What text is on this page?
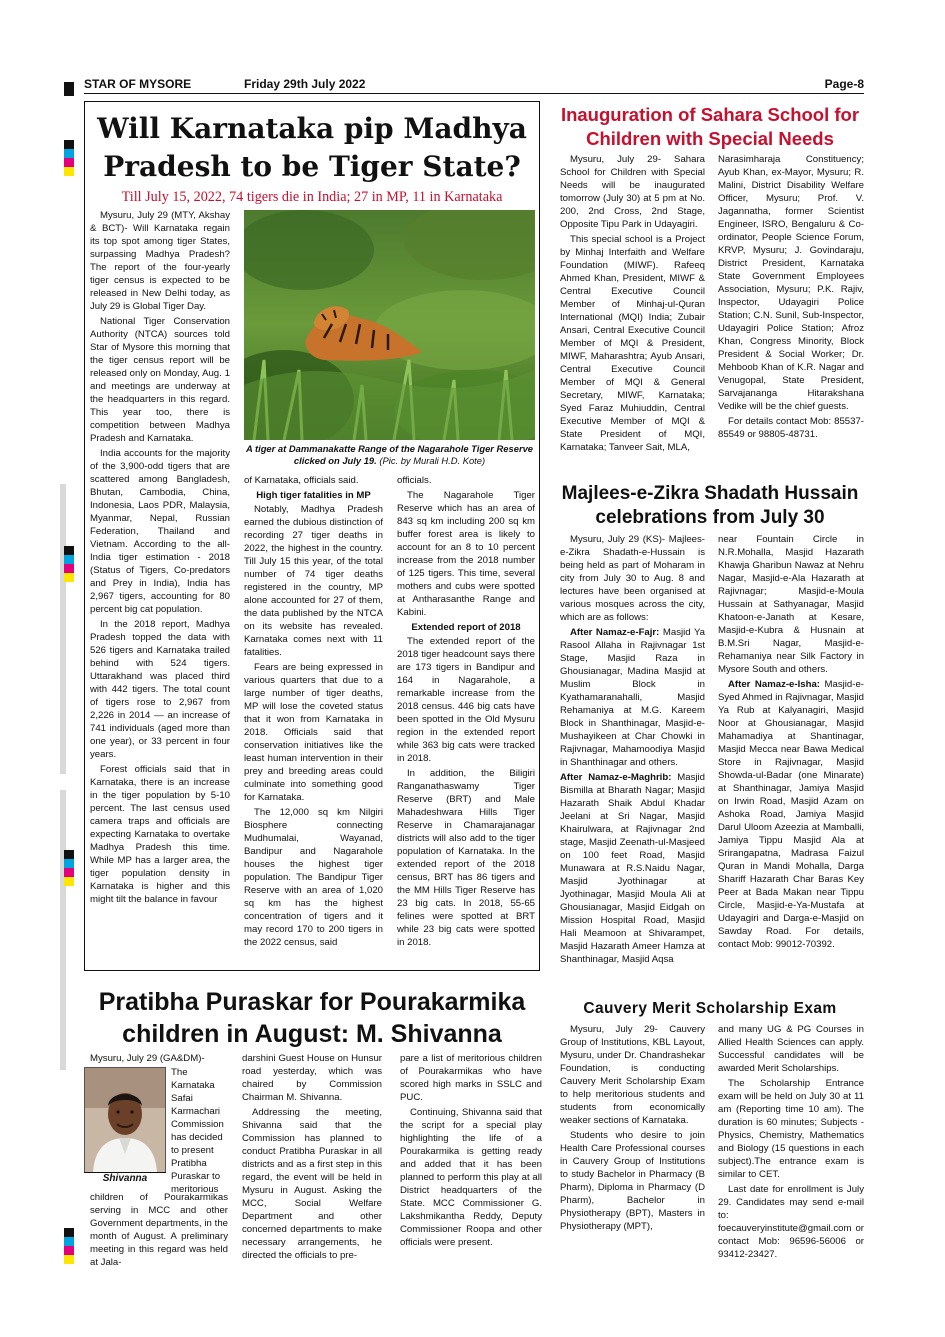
STAR OF MYSORE	Friday 29th July 2022	Page-8
Will Karnataka pip Madhya
Pradesh to be Tiger State?
Till July 15, 2022, 74 tigers die in India; 27 in MP, 11 in Karnataka

Mysuru, July 29 (MTY, Akshay & BCT)- Will Karnataka regain its top spot among tiger States, surpassing Madhya Pradesh? The report of the four-yearly tiger census is expected to be released in New Delhi today, as July 29 is Global Tiger Day.

National Tiger Conservation Authority (NTCA) sources told Star of Mysore this morning that the tiger census report will be released only on Monday, Aug. 1 and meetings are underway at the headquarters in this regard. This year too, there is competition between Madhya Pradesh and Karnataka.

India accounts for the majority of the 3,900-odd tigers that are scattered among Bangladesh, Bhutan, Cambodia, China, Indonesia, Laos PDR, Malaysia, Myanmar, Nepal, Russian Federation, Thailand and Vietnam. According to the all-India tiger estimation - 2018 (Status of Tigers, Co-predators and Prey in India), India has 2,967 tigers, accounting for 80 percent big cat population.

In the 2018 report, Madhya Pradesh topped the data with 526 tigers and Karnataka trailed behind with 524 tigers. Uttarakhand was placed third with 442 tigers. The total count of tigers rose to 2,967 from 2,226 in 2014 — an increase of 741 individuals (aged more than one year), or 33 percent in four years.

Forest officials said that in Karnataka, there is an increase in the tiger population by 5-10 percent. The last census used camera traps and officials are expecting Karnataka to overtake Madhya Pradesh this time. While MP has a larger area, the tiger population density in Karnataka is higher and this might tilt the balance in favour

A tiger at Dammanakatte Range of the Nagarahole Tiger Reserve clicked on July 19. (Pic. by Murali H.D. Kote)

of Karnataka, officials said.

High tiger fatalities in MP

Notably, Madhya Pradesh earned the dubious distinction of recording 27 tiger deaths in 2022, the highest in the country. Till July 15 this year, of the total number of 74 tiger deaths registered in the country, MP alone accounted for 27 of them, the data published by the NTCA on its website has revealed. Karnataka comes next with 11 fatalities.

Fears are being expressed in various quarters that due to a large number of tiger deaths, MP will lose the coveted status that it won from Karnataka in 2018. Officials said that conservation initiatives like the least human intervention in their prey and breeding areas could culminate into something good for Karnataka.

The 12,000 sq km Nilgiri Biosphere connecting Mudhumalai, Wayanad, Bandipur and Nagarahole houses the highest tiger population. The Bandipur Tiger Reserve with an area of 1,020 sq km has the highest concentration of tigers and it may record 170 to 200 tigers in the 2022 census, said

officials.

The Nagarahole Tiger Reserve which has an area of 843 sq km including 200 sq km buffer forest area is likely to account for an 8 to 10 percent increase from the 2018 number of 125 tigers. This time, several mothers and cubs were spotted at Antharasanthe Range and Kabini.

Extended report of 2018

The extended report of the 2018 tiger headcount says there are 173 tigers in Bandipur and 164 in Nagarahole, a remarkable increase from the 2018 census. 446 big cats have been spotted in the Old Mysuru region in the extended report while 363 big cats were tracked in 2018.

In addition, the Biligiri Ranganathaswamy Tiger Reserve (BRT) and Male Mahadeshwara Hills Tiger Reserve in Chamarajanagar districts will also add to the tiger population of Karnataka. In the extended report of the 2018 census, BRT has 86 tigers and the MM Hills Tiger Reserve has 23 big cats. In 2018, 55-65 felines were spotted at BRT while 23 big cats were spotted in 2018.

Inauguration of Sahara School for Children with Special Needs

Mysuru, July 29- Sahara School for Children with Special Needs will be inaugurated tomorrow (July 30) at 5 pm at No. 200, 2nd Cross, 2nd Stage, Opposite Tipu Park in Udayagiri.

This special school is a Project by Minhaj Interfaith and Welfare Foundation (MIWF). Rafeeq Ahmed Khan, President, MIWF & Central Executive Council Member of Minhaj-ul-Quran International (MQI) India; Zubair Ansari, Central Executive Council Member of MQI & President, MIWF, Maharashtra; Ayub Ansari, Central Executive Council Member of MQI & General Secretary, MIWF, Karnataka; Syed Faraz Muhiuddin, Central Executive Member of MQI & State President of MQI, Karnataka; Tanveer Sait, MLA,

Narasimharaja Constituency; Ayub Khan, ex-Mayor, Mysuru; R. Malini, District Disability Welfare Officer, Mysuru; Prof. V. Jagannatha, former Scientist Engineer, ISRO, Bengaluru & Co-ordinator, People Science Forum, KRVP, Mysuru; J. Govindaraju, District President, Karnataka State Government Employees Association, Mysuru; P.K. Rajiv, Inspector, Udayagiri Police Station; C.N. Sunil, Sub-Inspector, Udayagiri Police Station; Afroz Khan, Congress Minority, Block President & Social Worker; Dr. Mehboob Khan of K.R. Nagar and Venugopal, State President, Sarvajananga Hitarakshana Vedike will be the chief guests.

For details contact Mob: 85537-85549 or 98805-48731.

Majlees-e-Zikra Shadath Hussain celebrations from July 30

Mysuru, July 29 (KS)- Majlees-e-Zikra Shadath-e-Hussain is being held as part of Moharam in city from July 30 to Aug. 8 and lectures have been organised at various mosques across the city, which are as follows:

After Namaz-e-Fajr: Masjid Ya Rasool Allaha in Rajivnagar 1st Stage, Masjid Raza in Ghousianagar, Madina Masjid at Muslim Block in Kyathamaranahalli, Masjid Rehamaniya at M.G. Kareem Block in Shanthinagar, Masjid-e-Mushayikeen at Char Chowki in Rajivnagar, Mahamoodiya Masjid in Shanthinagar and others.

After Namaz-e-Maghrib: Masjid Bismilla at Bharath Nagar; Masjid Hazarath Shaik Abdul Khadar Jeelani at Sri Nagar, Masjid Khairulwara, at Rajivnagar 2nd stage, Masjid Zeenath-ul-Masjeed on 100 feet Road, Masjid Munawara at R.S.Naidu Nagar, Masjid Jyothinagar at Jyothinagar, Masjid Moula Ali at Ghousianagar, Masjid Eidgah on Mission Hospital Road, Masjid Hali Meamoon at Shivarampet, Masjid Hazarath Ameer Hamza at Shanthinagar, Masjid Aqsa

near Fountain Circle in N.R.Mohalla, Masjid Hazarath Khawja Gharibun Nawaz at Nehru Nagar, Masjid-e-Ala Hazarath at Rajivnagar; Masjid-e-Moula Hussain at Sathyanagar, Masjid Khatoon-e-Janath at Kesare, Masjid-e-Kubra & Husnain at B.M.Sri Nagar, Masjid-e-Rehamaniya near Silk Factory in Mysore South and others.

After Namaz-e-Isha: Masjid-e-Syed Ahmed in Rajivnagar, Masjid Ya Rub at Kalyanagiri, Masjid Noor at Ghousianagar, Masjid Mahamadiya at Shantinagar, Masjid Mecca near Bawa Medical Store in Rajivnagar, Masjid Showda-ul-Badar (one Minarate) at Shanthinagar, Jamiya Masjid on Irwin Road, Masjid Azam on Ashoka Road, Jamiya Masjid Darul Uloom Azeezia at Mamballi, Jamiya Tippu Masjid Ala at Srirangapatna, Madrasa Faizul Quran in Mandi Mohalla, Darga Shariff Hazarath Char Baras Key Peer at Bada Makan near Tippu Circle, Masjid-e-Ya-Mustafa at Udayagiri and Darga-e-Masjid on Sawday Road. For details, contact Mob: 99012-70392.

Pratibha Puraskar for Pourakarmika
children in August: M. Shivanna
Shivanna

Mysuru, July 29 (GA&DM)-

The Karnataka Safai Karmachari Commission has decided to present Pratibha Puraskar to meritorious

children of Pourakarmikas serving in MCC and other Government departments, in the month of August. A preliminary meeting in this regard was held at Jala-

darshini Guest House on Hunsur road yesterday, which was chaired by Commission Chairman M. Shivanna.

Addressing the meeting, Shivanna said that the Commission has planned to conduct Pratibha Puraskar in all districts and as a first step in this regard, the event will be held in Mysuru in August. Asking the MCC, Social Welfare Department and other concerned departments to make necessary arrangements, he directed the officials to pre-

pare a list of meritorious children of Pourakarmikas who have scored high marks in SSLC and PUC.

Continuing, Shivanna said that the script for a special play highlighting the life of a Pourakarmika is getting ready and added that it has been planned to perform this play at all District headquarters of the State. MCC Commissioner G. Lakshmikantha Reddy, Deputy Commissioner Roopa and other officials were present.

Cauvery Merit Scholarship Exam

Mysuru, July 29- Cauvery Group of Institutions, KBL Layout, Mysuru, under Dr. Chandrashekar Foundation, is conducting Cauvery Merit Scholarship Exam to help meritorious students and students from economically weaker sections of Karnataka.

Students who desire to join Health Care Professional courses in Cauvery Group of Institutions to study Bachelor in Pharmacy (B Pharm), Diploma in Pharmacy (D Pharm), Bachelor in Physiotherapy (BPT), Masters in Physiotherapy (MPT),

and many UG & PG Courses in Allied Health Sciences can apply. Successful candidates will be awarded Merit Scholarships.

The Scholarship Entrance exam will be held on July 30 at 11 am (Reporting time 10 am). The duration is 60 minutes; Subjects - Physics, Chemistry, Mathematics and Biology (15 questions in each subject).The entrance exam is similar to CET.

Last date for enrollment is July 29. Candidates may send e-mail to: foecauveryinstitute@gmail.com or contact Mob: 96596-56006 or 93412-23427.
